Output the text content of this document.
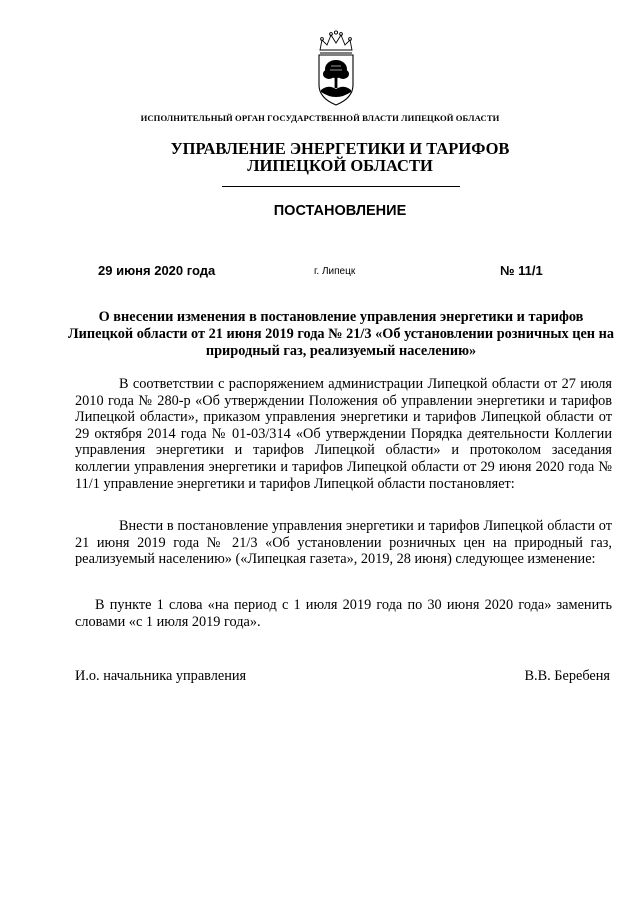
ИСПОЛНИТЕЛЬНЫЙ ОРГАН ГОСУДАРСТВЕННОЙ ВЛАСТИ ЛИПЕЦКОЙ ОБЛАСТИ
УПРАВЛЕНИЕ ЭНЕРГЕТИКИ И ТАРИФОВ
ЛИПЕЦКОЙ ОБЛАСТИ
ПОСТАНОВЛЕНИЕ
29 июня 2020 года	г. Липецк	№ 11/1
О внесении изменения в постановление управления энергетики и тарифов Липецкой области от 21 июня 2019 года № 21/3 «Об установлении розничных цен на природный газ, реализуемый населению»

В соответствии с распоряжением администрации Липецкой области от 27 июля 2010 года № 280-р «Об утверждении Положения об управлении энергетики и тарифов Липецкой области», приказом управления энергетики и тарифов Липецкой области от 29 октября 2014 года № 01-03/314 «Об утверждении Порядка деятельности Коллегии управления энергетики и тарифов Липецкой области» и протоколом заседания коллегии управления энергетики и тарифов Липецкой области от 29 июня 2020 года № 11/1 управление энергетики и тарифов Липецкой области постановляет:

Внести в постановление управления энергетики и тарифов Липецкой области от 21 июня 2019 года № 21/3 «Об установлении розничных цен на природный газ, реализуемый населению» («Липецкая газета», 2019, 28 июня) следующее изменение:

В пункте 1 слова «на период с 1 июля 2019 года по 30 июня 2020 года» заменить словами «с 1 июля 2019 года».

И.о. начальника управления	В.В. Беребеня
